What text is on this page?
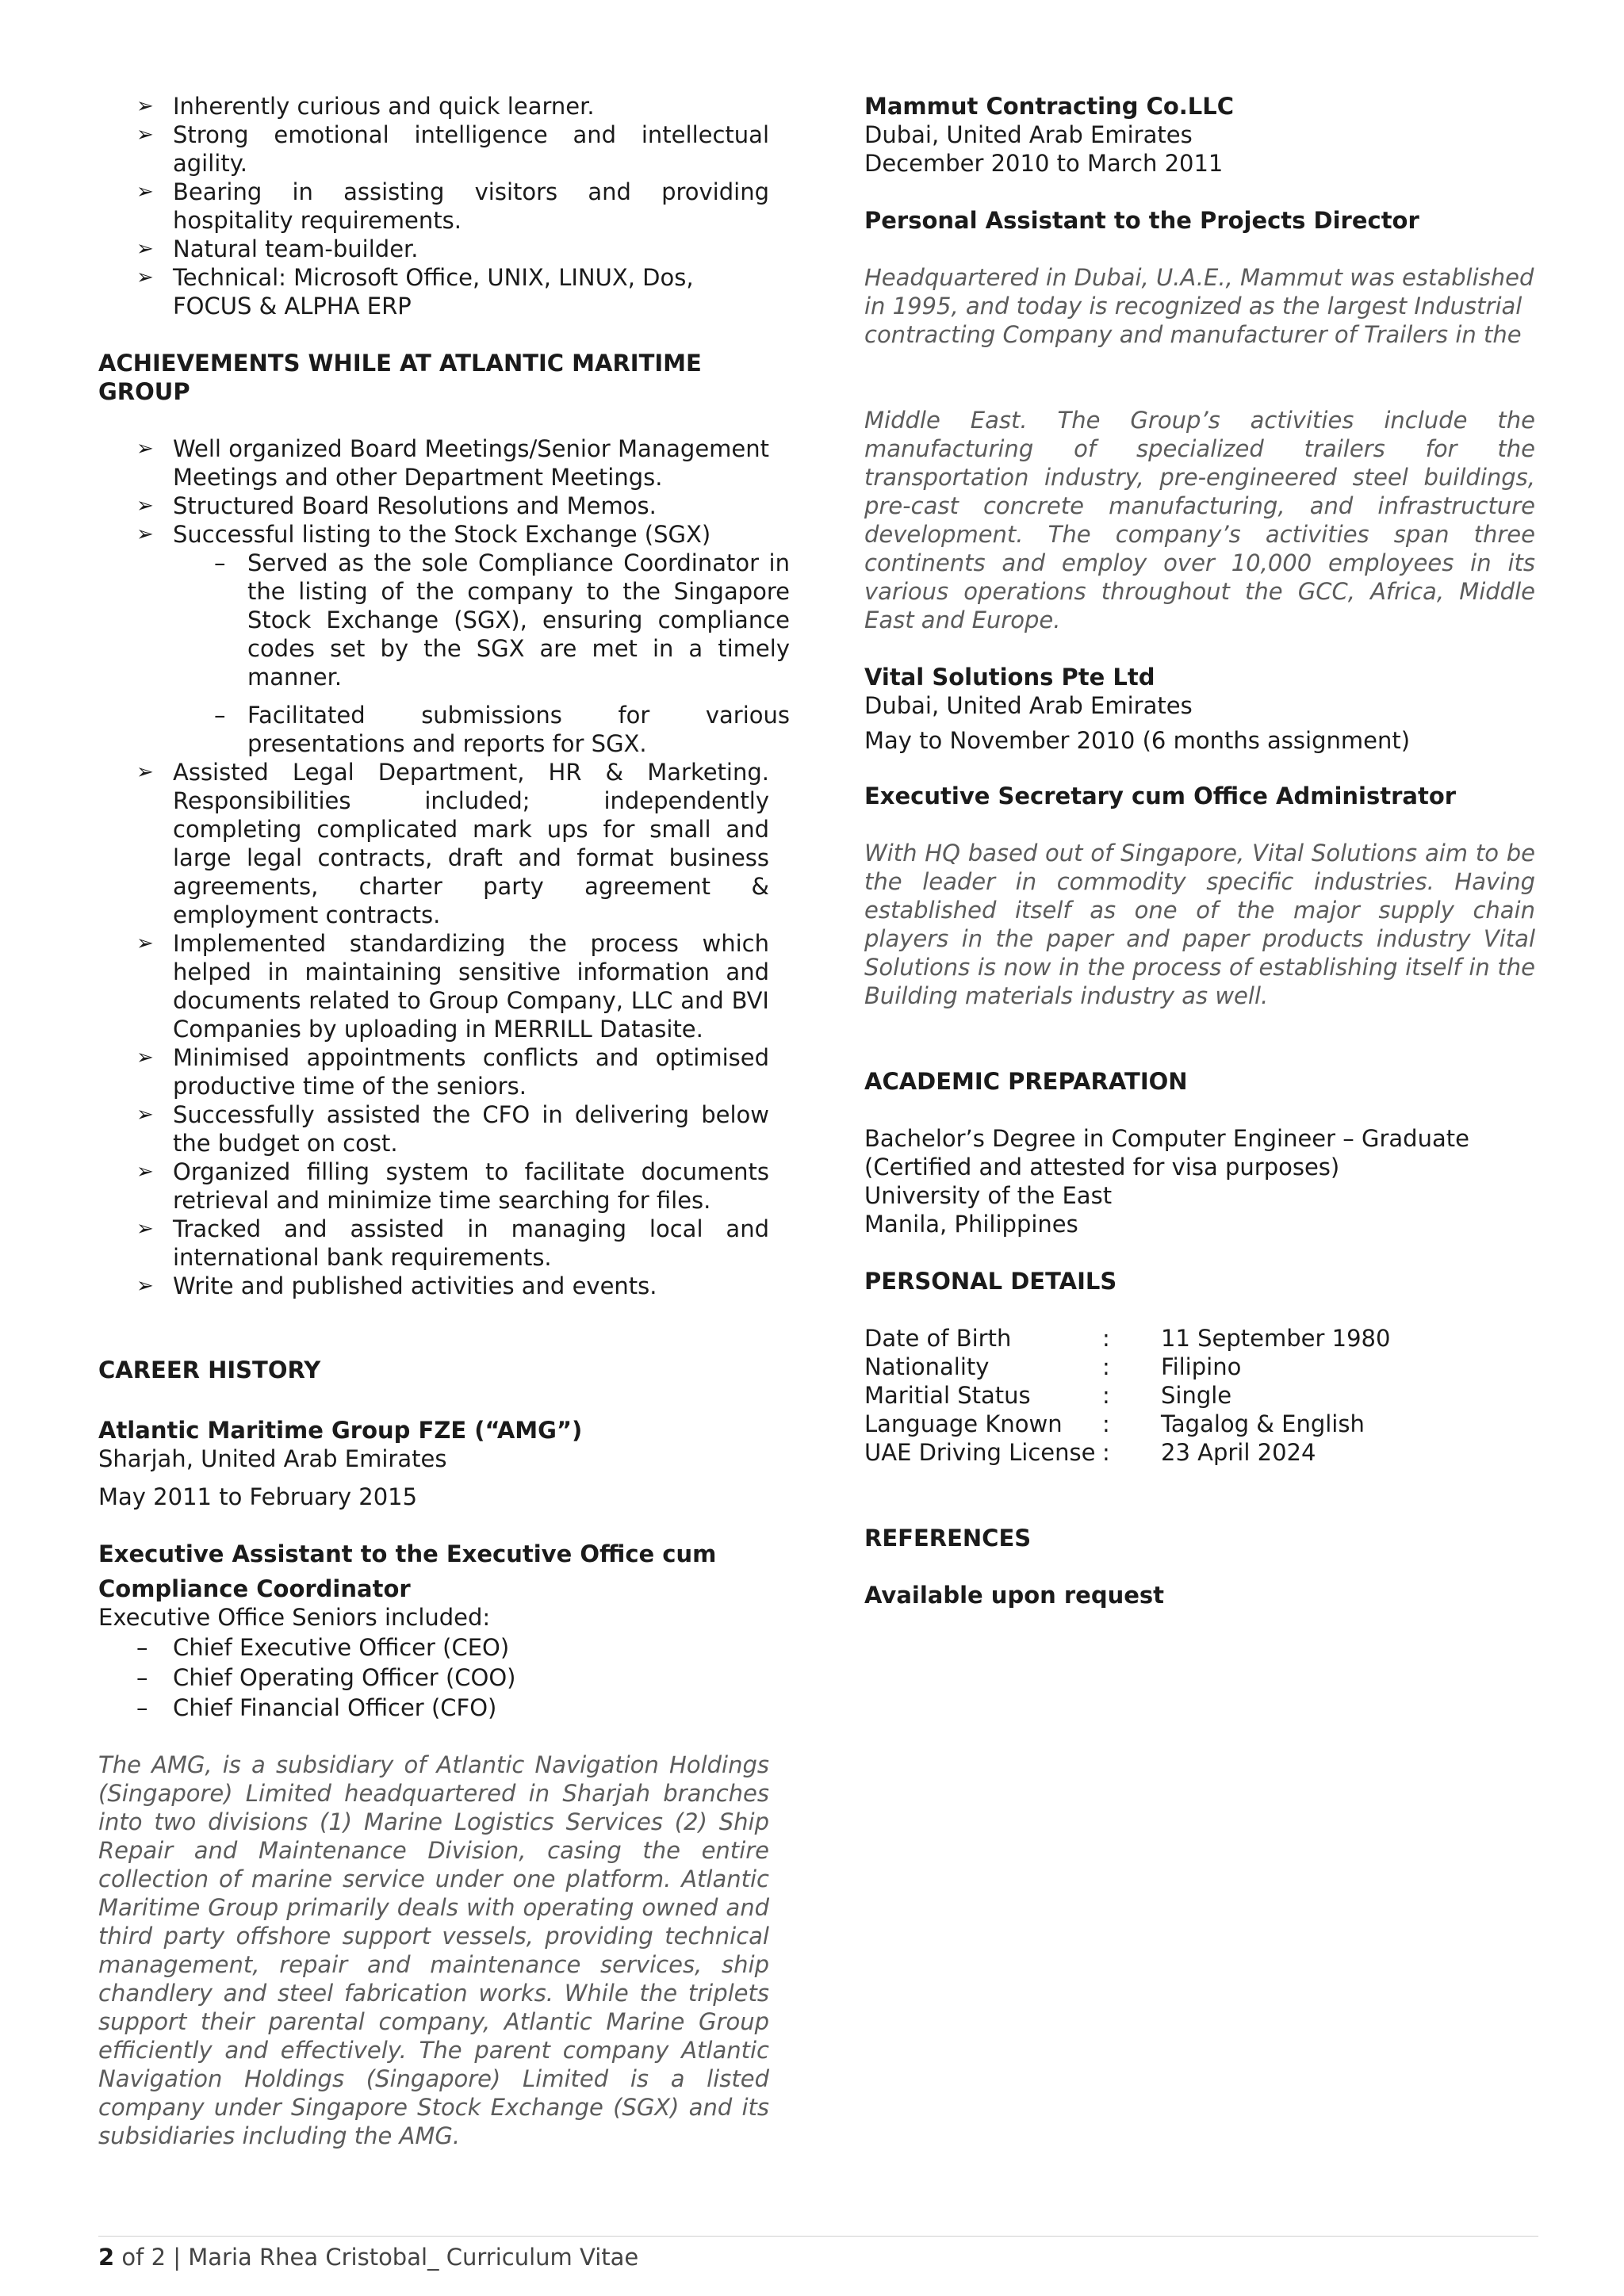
➢ Inherently curious and quick learner.
➢ Strong emotional intelligence and intellectual agility.
➢ Bearing in assisting visitors and providing hospitality requirements.
➢ Natural team-builder.
➢ Technical: Microsoft Office, UNIX, LINUX, Dos, FOCUS & ALPHA ERP

ACHIEVEMENTS WHILE AT ATLANTIC MARITIME GROUP

➢ Well organized Board Meetings/Senior Management Meetings and other Department Meetings.
➢ Structured Board Resolutions and Memos.
➢ Successful listing to the Stock Exchange (SGX)
– Served as the sole Compliance Coordinator in the listing of the company to the Singapore Stock Exchange (SGX), ensuring compliance codes set by the SGX are met in a timely manner.
– Facilitated submissions for various presentations and reports for SGX.
➢ Assisted Legal Department, HR & Marketing. Responsibilities included; independently completing complicated mark ups for small and large legal contracts, draft and format business agreements, charter party agreement & employment contracts.
➢ Implemented standardizing the process which helped in maintaining sensitive information and documents related to Group Company, LLC and BVI Companies by uploading in MERRILL Datasite.
➢ Minimised appointments conflicts and optimised productive time of the seniors.
➢ Successfully assisted the CFO in delivering below the budget on cost.
➢ Organized filling system to facilitate documents retrieval and minimize time searching for files.
➢ Tracked and assisted in managing local and international bank requirements.
➢ Write and published activities and events.

CAREER HISTORY

Atlantic Maritime Group FZE (“AMG”)

Sharjah, United Arab Emirates

May 2011 to February 2015

Executive Assistant to the Executive Office cum

Compliance Coordinator

Executive Office Seniors included:

– Chief Executive Officer (CEO)
– Chief Operating Officer (COO)
– Chief Financial Officer (CFO)

The AMG, is a subsidiary of Atlantic Navigation Holdings (Singapore) Limited headquartered in Sharjah branches into two divisions (1) Marine Logistics Services (2) Ship Repair and Maintenance Division, casing the entire collection of marine service under one platform. Atlantic Maritime Group primarily deals with operating owned and third party offshore support vessels, providing technical management, repair and maintenance services, ship chandlery and steel fabrication works. While the triplets support their parental company, Atlantic Marine Group efficiently and effectively. The parent company Atlantic Navigation Holdings (Singapore) Limited is a listed company under Singapore Stock Exchange (SGX) and its subsidiaries including the AMG.

Mammut Contracting Co.LLC

Dubai, United Arab Emirates

December 2010 to March 2011

Personal Assistant to the Projects Director

Headquartered in Dubai, U.A.E., Mammut was established in 1995, and today is recognized as the largest Industrial contracting Company and manufacturer of Trailers in the

Middle East. The Group’s activities include the manufacturing of specialized trailers for the transportation industry, pre-engineered steel buildings, pre-cast concrete manufacturing, and infrastructure development. The company’s activities span three continents and employ over 10,000 employees in its various operations throughout the GCC, Africa, Middle East and Europe.

Vital Solutions Pte Ltd

Dubai, United Arab Emirates

May to November 2010 (6 months assignment)

Executive Secretary cum Office Administrator

With HQ based out of Singapore, Vital Solutions aim to be the leader in commodity specific industries. Having established itself as one of the major supply chain players in the paper and paper products industry Vital Solutions is now in the process of establishing itself in the Building materials industry as well.

ACADEMIC PREPARATION

Bachelor’s Degree in Computer Engineer – Graduate

(Certified and attested for visa purposes)

University of the East

Manila, Philippines

PERSONAL DETAILS

Date of Birth	:	11 September 1980
Nationality	:	Filipino
Maritial Status	:	Single
Language Known	:	Tagalog & English
UAE Driving License :	23 April 2024

REFERENCES

Available upon request

2 of 2 | Maria Rhea Cristobal_ Curriculum Vitae
